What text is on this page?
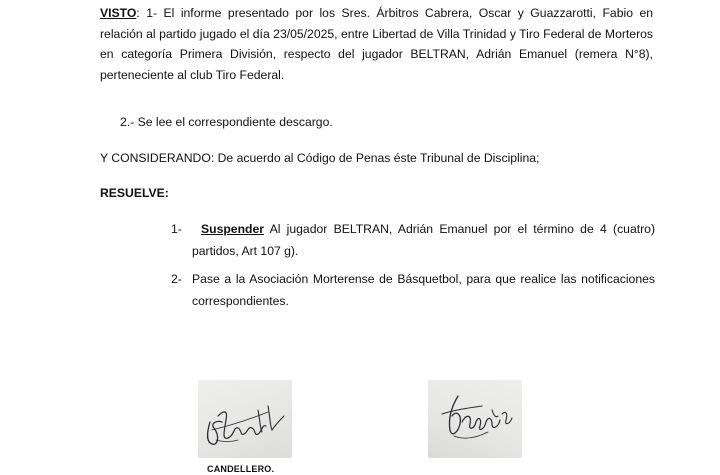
VISTO: 1- El informe presentado por los Sres. Árbitros Cabrera, Oscar y Guazzarotti, Fabio en relación al partido jugado el día 23/05/2025, entre Libertad de Villa Trinidad y Tiro Federal de Morteros en categoría Primera División, respecto del jugador BELTRAN, Adrián Emanuel (remera N°8), perteneciente al club Tiro Federal.

2.- Se lee el correspondiente descargo.

Y CONSIDERANDO: De acuerdo al Código de Penas éste Tribunal de Disciplina;

RESUELVE:

1-	Suspender Al jugador BELTRAN, Adrián Emanuel por el término de 4 (cuatro) partidos, Art 107 g).
2- Pase a la Asociación Morterense de Básquetbol, para que realice las notificaciones correspondientes.
CANDELLERO.
